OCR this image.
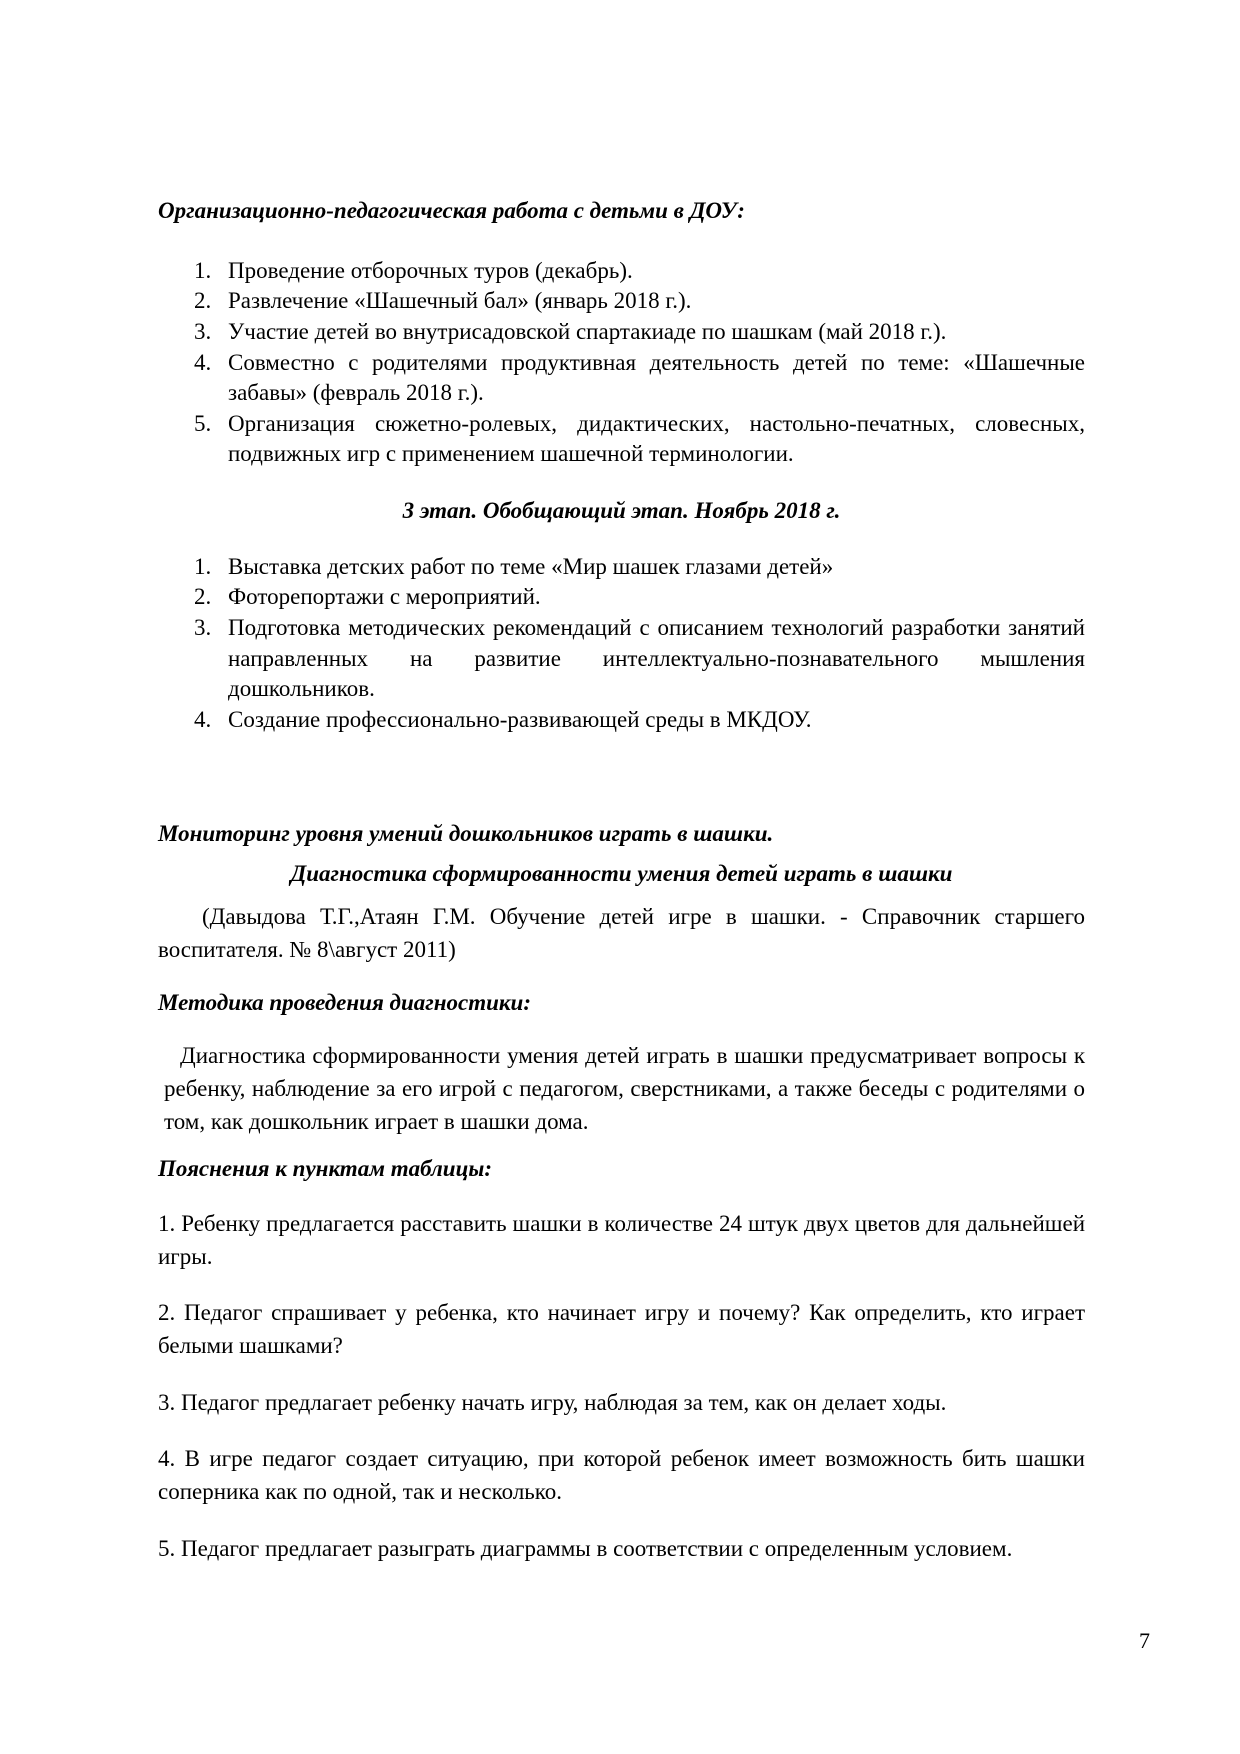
Организационно-педагогическая работа с детьми в ДОУ:
1. Проведение отборочных туров (декабрь).
2. Развлечение «Шашечный бал» (январь 2018 г.).
3. Участие детей во внутрисадовской спартакиаде по шашкам (май 2018 г.).
4. Совместно с родителями продуктивная деятельность детей по теме: «Шашечные забавы» (февраль 2018 г.).
5. Организация сюжетно-ролевых, дидактических, настольно-печатных, словесных, подвижных игр с применением шашечной терминологии.
3 этап. Обобщающий этап. Ноябрь 2018 г.
1. Выставка детских работ по теме «Мир шашек глазами детей»
2. Фоторепортажи с мероприятий.
3. Подготовка методических рекомендаций с описанием технологий разработки занятий направленных на развитие интеллектуально-познавательного мышления дошкольников.
4. Создание профессионально-развивающей среды в МКДОУ.
Мониторинг уровня умений дошкольников играть в шашки.
Диагностика сформированности умения детей играть в шашки
(Давыдова Т.Г.,Атаян Г.М. Обучение детей игре в шашки. - Справочник старшего воспитателя. № 8\август 2011)
Методика проведения диагностики:
Диагностика сформированности умения детей играть в шашки предусматривает вопросы к ребенку, наблюдение за его игрой с педагогом, сверстниками, а также беседы с родителями о том, как дошкольник играет в шашки дома.
Пояснения к пунктам таблицы:
1. Ребенку предлагается расставить шашки в количестве 24 штук двух цветов для дальнейшей игры.
2. Педагог спрашивает у ребенка, кто начинает игру и почему? Как определить, кто играет белыми шашками?
3. Педагог предлагает ребенку начать игру, наблюдая за тем, как он делает ходы.
4. В игре педагог создает ситуацию, при которой ребенок имеет возможность бить шашки соперника как по одной, так и несколько.
5. Педагог предлагает разыграть диаграммы в соответствии с определенным условием.
7
